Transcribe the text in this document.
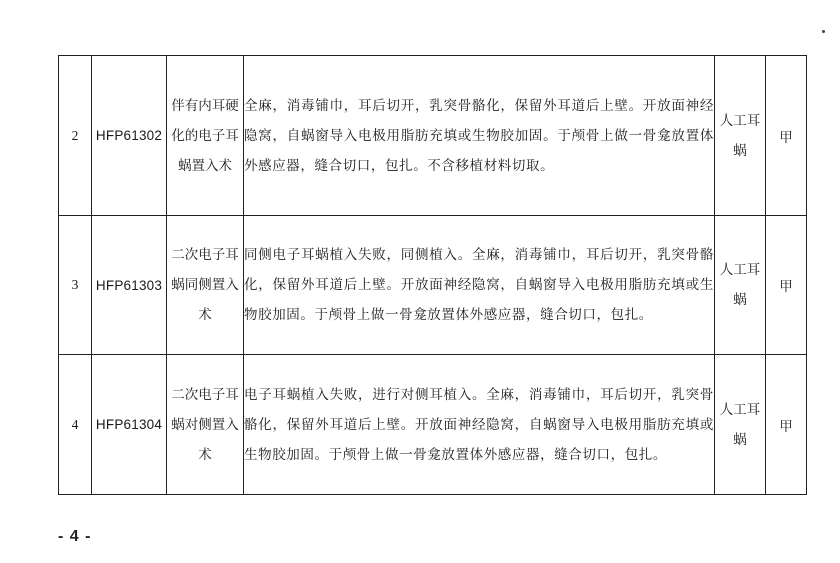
2	HFP61302	伴有内耳硬化的电子耳蜗置入术	全麻，消毒铺巾，耳后切开，乳突骨骼化，保留外耳道后上壁。开放面神经隐窝，自蜗窗导入电极用脂肪充填或生物胶加固。于颅骨上做一骨龛放置体外感应器，缝合切口，包扎。不含移植材料切取。	人工耳蜗	甲
3	HFP61303	二次电子耳蜗同侧置入术	同侧电子耳蜗植入失败，同侧植入。全麻，消毒铺巾，耳后切开，乳突骨骼化，保留外耳道后上壁。开放面神经隐窝，自蜗窗导入电极用脂肪充填或生物胶加固。于颅骨上做一骨龛放置体外感应器，缝合切口，包扎。	人工耳蜗	甲
4	HFP61304	二次电子耳蜗对侧置入术	电子耳蜗植入失败，进行对侧耳植入。全麻，消毒铺巾，耳后切开，乳突骨骼化，保留外耳道后上壁。开放面神经隐窝，自蜗窗导入电极用脂肪充填或生物胶加固。于颅骨上做一骨龛放置体外感应器，缝合切口，包扎。	人工耳蜗	甲
- 4 -
